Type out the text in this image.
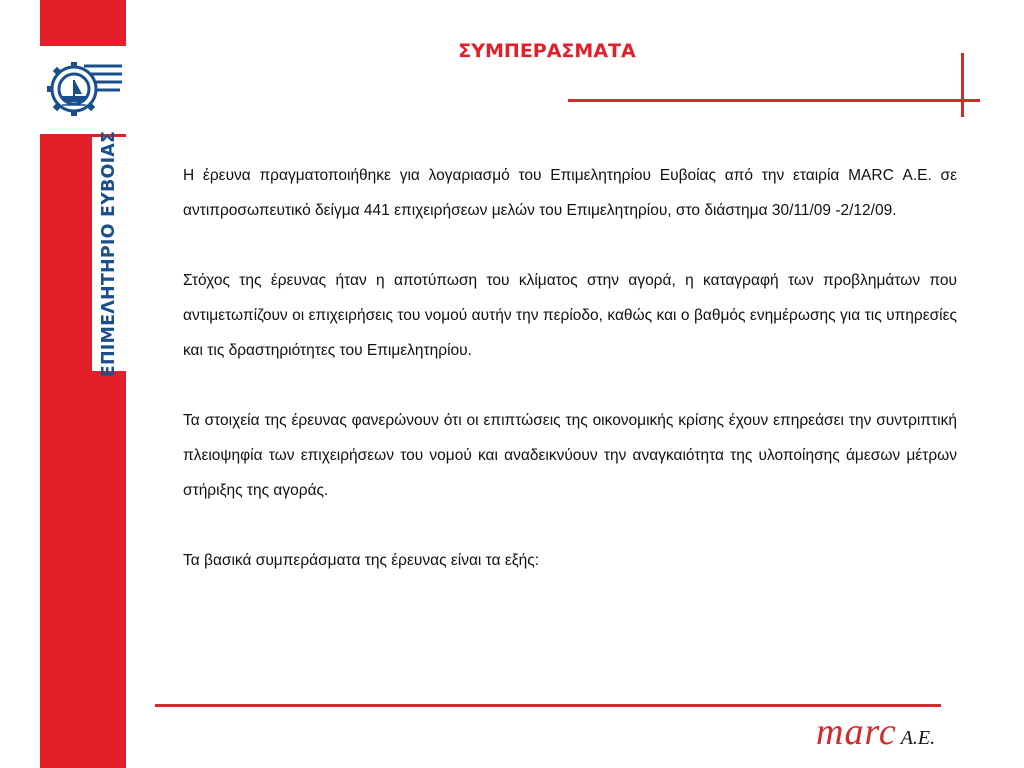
ΕΠΙΜΕΛΗΤΗΡΙΟ ΕΥΒΟΙΑΣ
ΣΥΜΠΕΡΑΣΜΑΤΑ

Η έρευνα πραγματοποιήθηκε για λογαριασμό του Επιμελητηρίου Ευβοίας από την εταιρία MARC Α.Ε. σε αντιπροσωπευτικό δείγμα 441 επιχειρήσεων μελών του Επιμελητηρίου, στο διάστημα 30/11/09 -2/12/09.

Στόχος της έρευνας ήταν η αποτύπωση του κλίματος στην αγορά, η καταγραφή των προβλημάτων που αντιμετωπίζουν οι επιχειρήσεις του νομού αυτήν την περίοδο, καθώς και ο βαθμός ενημέρωσης για τις υπηρεσίες και τις δραστηριότητες του Επιμελητηρίου.

Τα στοιχεία της έρευνας φανερώνουν ότι οι επιπτώσεις της οικονομικής κρίσης έχουν επηρεάσει την συντριπτική πλειοψηφία των επιχειρήσεων του νομού και αναδεικνύουν την αναγκαιότητα της υλοποίησης άμεσων μέτρων στήριξης της αγοράς.

Τα βασικά συμπεράσματα της έρευνας είναι τα εξής:

marc A.E.
